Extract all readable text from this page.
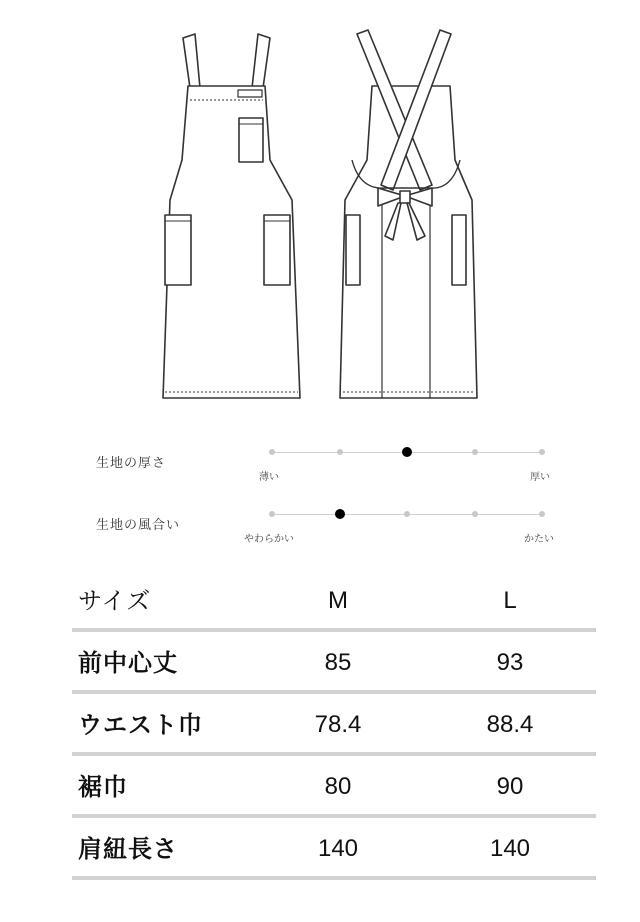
生地の厚さ
薄い	厚い
生地の風合い
やわらかい	かたい
サイズ	M	L
前中心丈	85	93
ウエスト巾	78.4	88.4
裾巾	80	90
肩紐長さ	140	140
